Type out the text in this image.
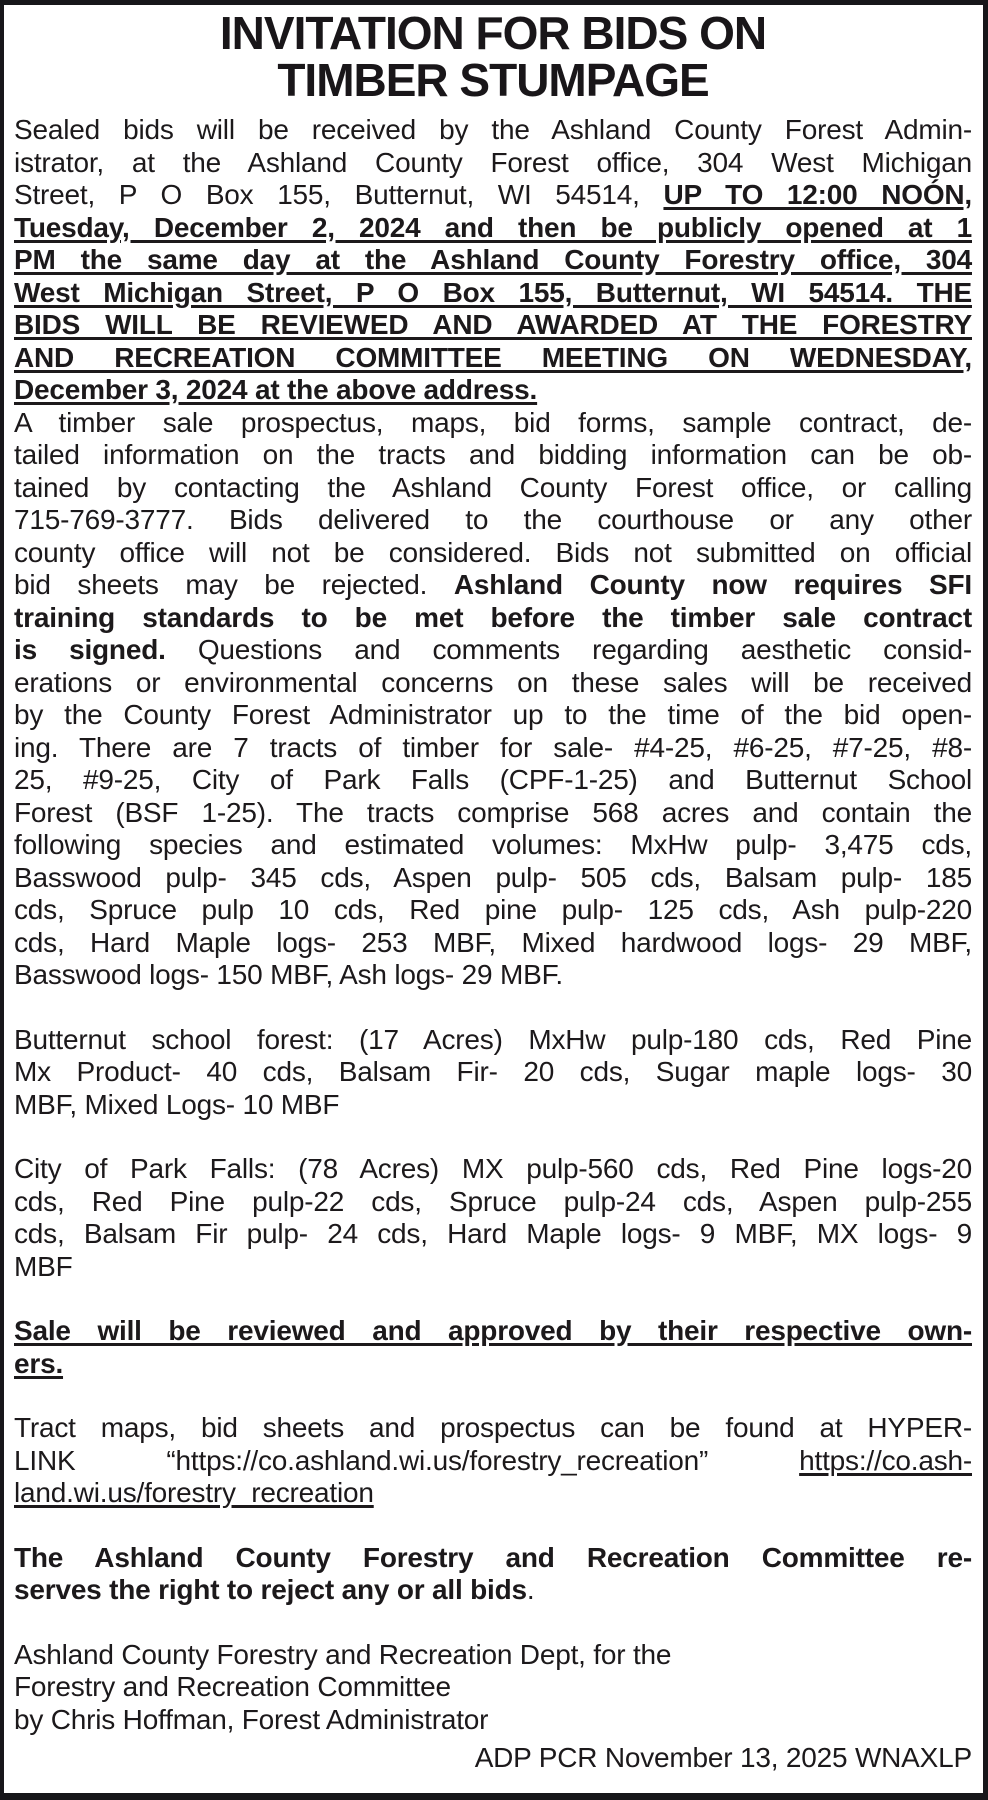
INVITATION FOR BIDS ON
TIMBER STUMPAGE
Sealed bids will be received by the Ashland County Forest Admin-
istrator, at the Ashland County Forest office, 304 West Michigan
Street, P O Box 155, Butternut, WI 54514, UP TO 12:00 NOÓN,
Tuesday, December 2, 2024 and then be publicly opened at 1
PM the same day at the Ashland County Forestry office, 304
West Michigan Street, P O Box 155, Butternut, WI 54514. THE
BIDS WILL BE REVIEWED AND AWARDED AT THE FORESTRY
AND RECREATION COMMITTEE MEETING ON WEDNESDAY,
December 3, 2024 at the above address.
A timber sale prospectus, maps, bid forms, sample contract, de-
tailed information on the tracts and bidding information can be ob-
tained by contacting the Ashland County Forest office, or calling
715-769-3777. Bids delivered to the courthouse or any other
county office will not be considered. Bids not submitted on official
bid sheets may be rejected. Ashland County now requires SFI
training standards to be met before the timber sale contract
is signed. Questions and comments regarding aesthetic consid-
erations or environmental concerns on these sales will be received
by the County Forest Administrator up to the time of the bid open-
ing. There are 7 tracts of timber for sale- #4-25, #6-25, #7-25, #8-
25, #9-25, City of Park Falls (CPF-1-25) and Butternut School
Forest (BSF 1-25). The tracts comprise 568 acres and contain the
following species and estimated volumes: MxHw pulp- 3,475 cds,
Basswood pulp- 345 cds, Aspen pulp- 505 cds, Balsam pulp- 185
cds, Spruce pulp 10 cds, Red pine pulp- 125 cds, Ash pulp-220
cds, Hard Maple logs- 253 MBF, Mixed hardwood logs- 29 MBF,
Basswood logs- 150 MBF, Ash logs- 29 MBF.
Butternut school forest: (17 Acres) MxHw pulp-180 cds, Red Pine
Mx Product- 40 cds, Balsam Fir- 20 cds, Sugar maple logs- 30
MBF, Mixed Logs- 10 MBF
City of Park Falls: (78 Acres) MX pulp-560 cds, Red Pine logs-20
cds, Red Pine pulp-22 cds, Spruce pulp-24 cds, Aspen pulp-255
cds, Balsam Fir pulp- 24 cds, Hard Maple logs- 9 MBF, MX logs- 9
MBF
Sale will be reviewed and approved by their respective own-
ers.
Tract maps, bid sheets and prospectus can be found at HYPER-
LINK “https://co.ashland.wi.us/forestry_recreation” https://co.ash-
land.wi.us/forestry_recreation
The Ashland County Forestry and Recreation Committee re-
serves the right to reject any or all bids.
Ashland County Forestry and Recreation Dept, for the
Forestry and Recreation Committee
by Chris Hoffman, Forest Administrator
ADP PCR November 13, 2025 WNAXLP
